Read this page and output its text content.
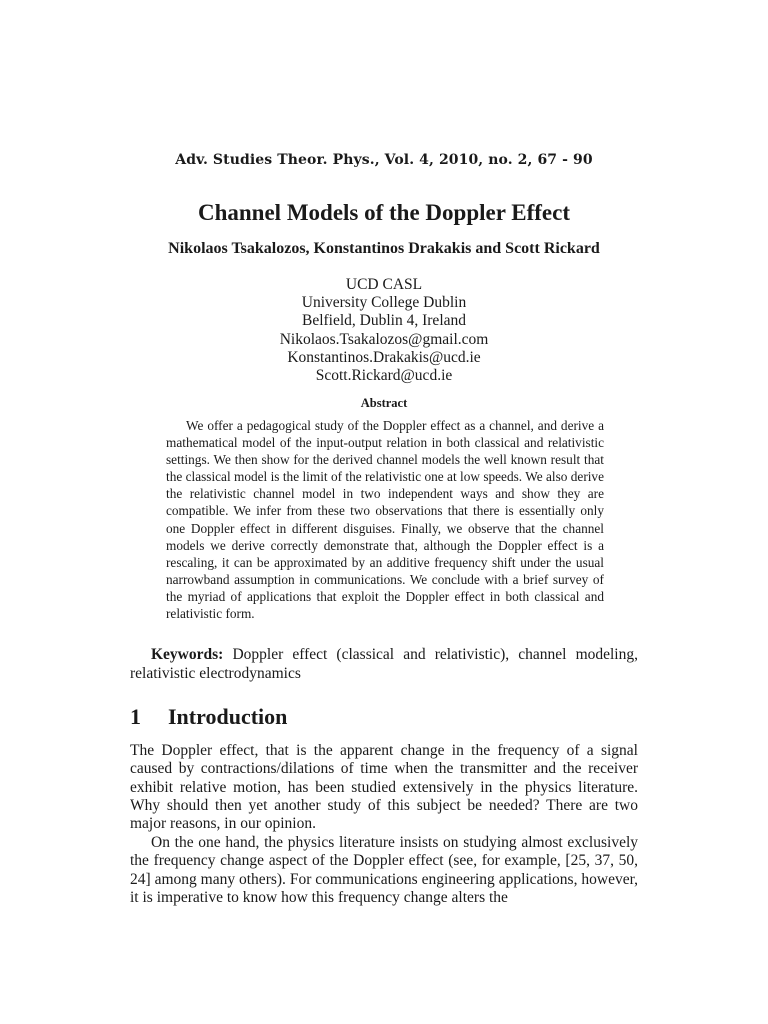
Adv. Studies Theor. Phys., Vol. 4, 2010, no. 2, 67 - 90
Channel Models of the Doppler Effect
Nikolaos Tsakalozos, Konstantinos Drakakis and Scott Rickard
UCD CASL
University College Dublin
Belfield, Dublin 4, Ireland
Nikolaos.Tsakalozos@gmail.com
Konstantinos.Drakakis@ucd.ie
Scott.Rickard@ucd.ie
Abstract

We offer a pedagogical study of the Doppler effect as a channel, and derive a mathematical model of the input-output relation in both classical and relativistic settings. We then show for the derived channel models the well known result that the classical model is the limit of the relativistic one at low speeds. We also derive the relativistic channel model in two independent ways and show they are compatible. We infer from these two observations that there is essentially only one Doppler effect in different disguises. Finally, we observe that the channel models we derive correctly demonstrate that, although the Doppler effect is a rescaling, it can be approximated by an additive frequency shift under the usual narrowband assumption in communications. We conclude with a brief survey of the myriad of applications that exploit the Doppler effect in both classical and relativistic form.

Keywords: Doppler effect (classical and relativistic), channel modeling, relativistic electrodynamics

1 Introduction

The Doppler effect, that is the apparent change in the frequency of a signal caused by contractions/dilations of time when the transmitter and the receiver exhibit relative motion, has been studied extensively in the physics literature. Why should then yet another study of this subject be needed? There are two major reasons, in our opinion.

On the one hand, the physics literature insists on studying almost exclusively the frequency change aspect of the Doppler effect (see, for example, [25, 37, 50, 24] among many others). For communications engineering applications, however, it is imperative to know how this frequency change alters the
